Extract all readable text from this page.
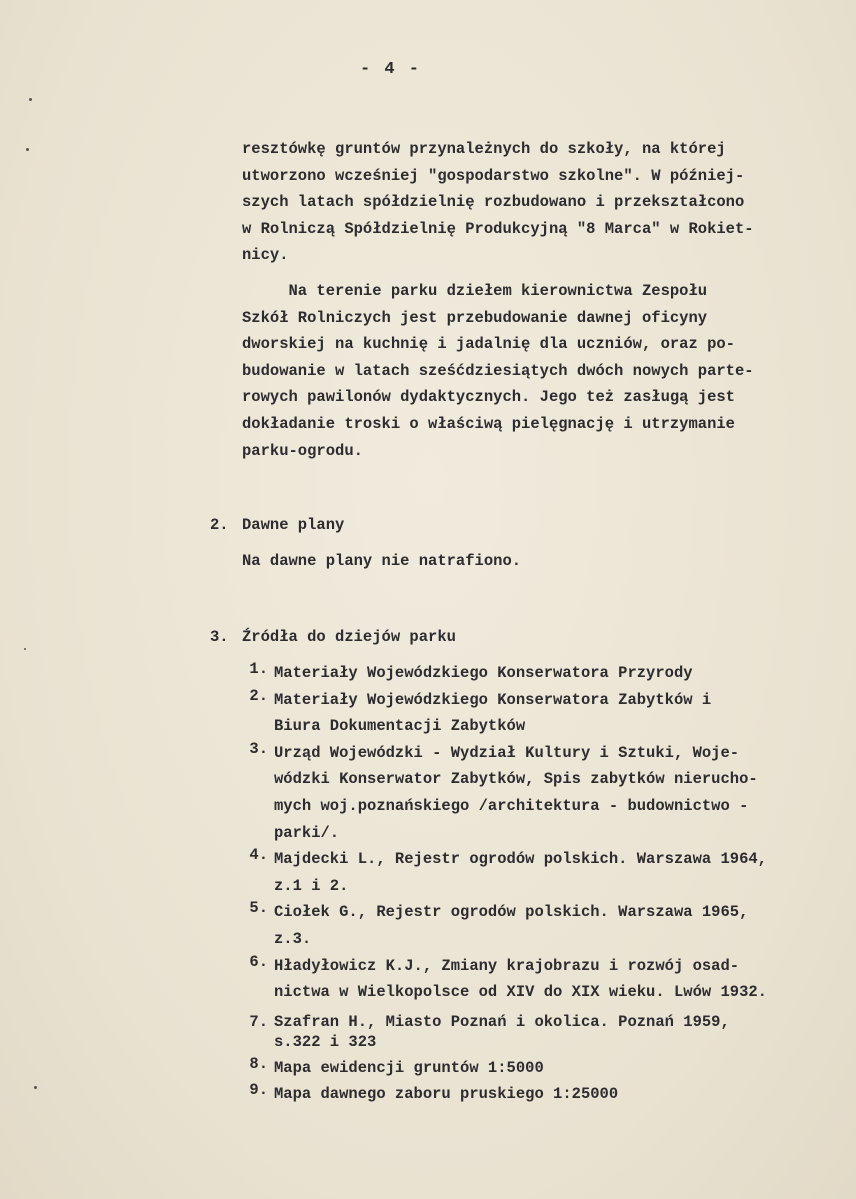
- 4 -
resztówkę gruntów przynależnych do szkoły, na której
utworzono wcześniej "gospodarstwo szkolne". W później-
szych latach spółdzielnię rozbudowano i przekształcono
w Rolniczą Spółdzielnię Produkcyjną "8 Marca" w Rokiet-
nicy.
Na terenie parku dziełem kierownictwa Zespołu
Szkół Rolniczych jest przebudowanie dawnej oficyny
dworskiej na kuchnię i jadalnię dla uczniów, oraz po-
budowanie w latach sześćdziesiątych dwóch nowych parte-
rowych pawilonów dydaktycznych. Jego też zasługą jest
dokładanie troski o właściwą pielęgnację i utrzymanie
parku-ogrodu.
2. Dawne plany
Na dawne plany nie natrafiono.
3. Źródła do dziejów parku
1. Materiały Wojewódzkiego Konserwatora Przyrody
2. Materiały Wojewódzkiego Konserwatora Zabytków i
Biura Dokumentacji Zabytków
3. Urząd Wojewódzki - Wydział Kultury i Sztuki, Woje-
wódzki Konserwator Zabytków, Spis zabytków nierucho-
mych woj.poznańskiego /architektura - budownictwo -
parki/.
4. Majdecki L., Rejestr ogrodów polskich. Warszawa 1964,
z.1 i 2.
5. Ciołek G., Rejestr ogrodów polskich. Warszawa 1965,
z.3.
6. Hładyłowicz K.J., Zmiany krajobrazu i rozwój osad-
nictwa w Wielkopolsce od XIV do XIX wieku. Lwów 1932.
7. Szafran H., Miasto Poznań i okolica. Poznań 1959,
s.322 i 323
8. Mapa ewidencji gruntów 1:5000
9. Mapa dawnego zaboru pruskiego 1:25000
